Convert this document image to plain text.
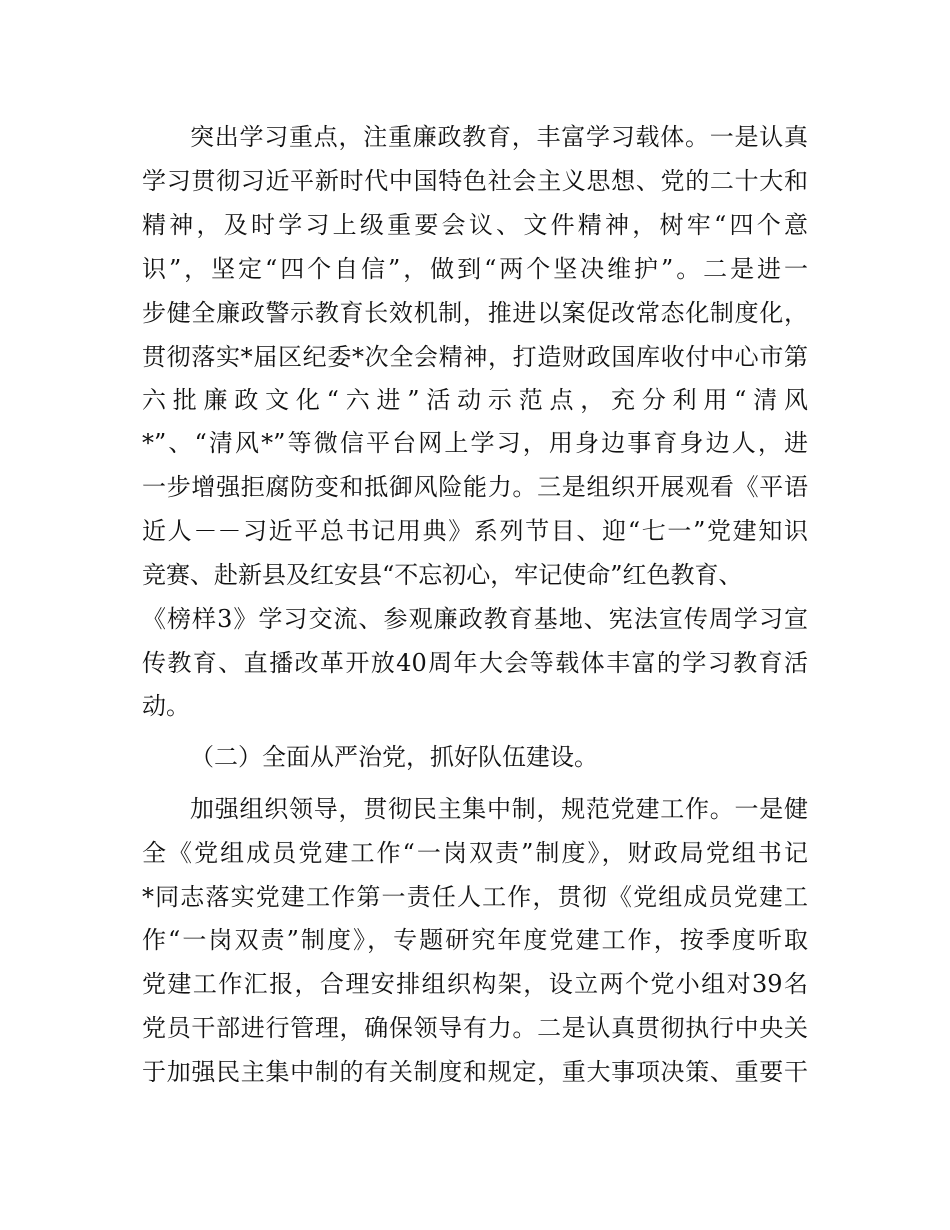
突出学习重点，注重廉政教育，丰富学习载体。一是认真
学习贯彻习近平新时代中国特色社会主义思想、党的二十大和
精神，及时学习上级重要会议、文件精神，树牢“四个意
识”，坚定“四个自信”，做到“两个坚决维护”。二是进一
步健全廉政警示教育长效机制，推进以案促改常态化制度化，
贯彻落实*届区纪委*次全会精神，打造财政国库收付中心市第
六批廉政文化“六进”活动示范点，充分利用“清风
*”、“清风*”等微信平台网上学习，用身边事育身边人，进
一步增强拒腐防变和抵御风险能力。三是组织开展观看《平语
近人－－习近平总书记用典》系列节目、迎“七一”党建知识
竞赛、赴新县及红安县“不忘初心，牢记使命”红色教育、
《榜样3》学习交流、参观廉政教育基地、宪法宣传周学习宣
传教育、直播改革开放40周年大会等载体丰富的学习教育活
动。
（二）全面从严治党，抓好队伍建设。
加强组织领导，贯彻民主集中制，规范党建工作。一是健
全《党组成员党建工作“一岗双责”制度》，财政局党组书记
*同志落实党建工作第一责任人工作，贯彻《党组成员党建工
作“一岗双责”制度》，专题研究年度党建工作，按季度听取
党建工作汇报，合理安排组织构架，设立两个党小组对39名
党员干部进行管理，确保领导有力。二是认真贯彻执行中央关
于加强民主集中制的有关制度和规定，重大事项决策、重要干
